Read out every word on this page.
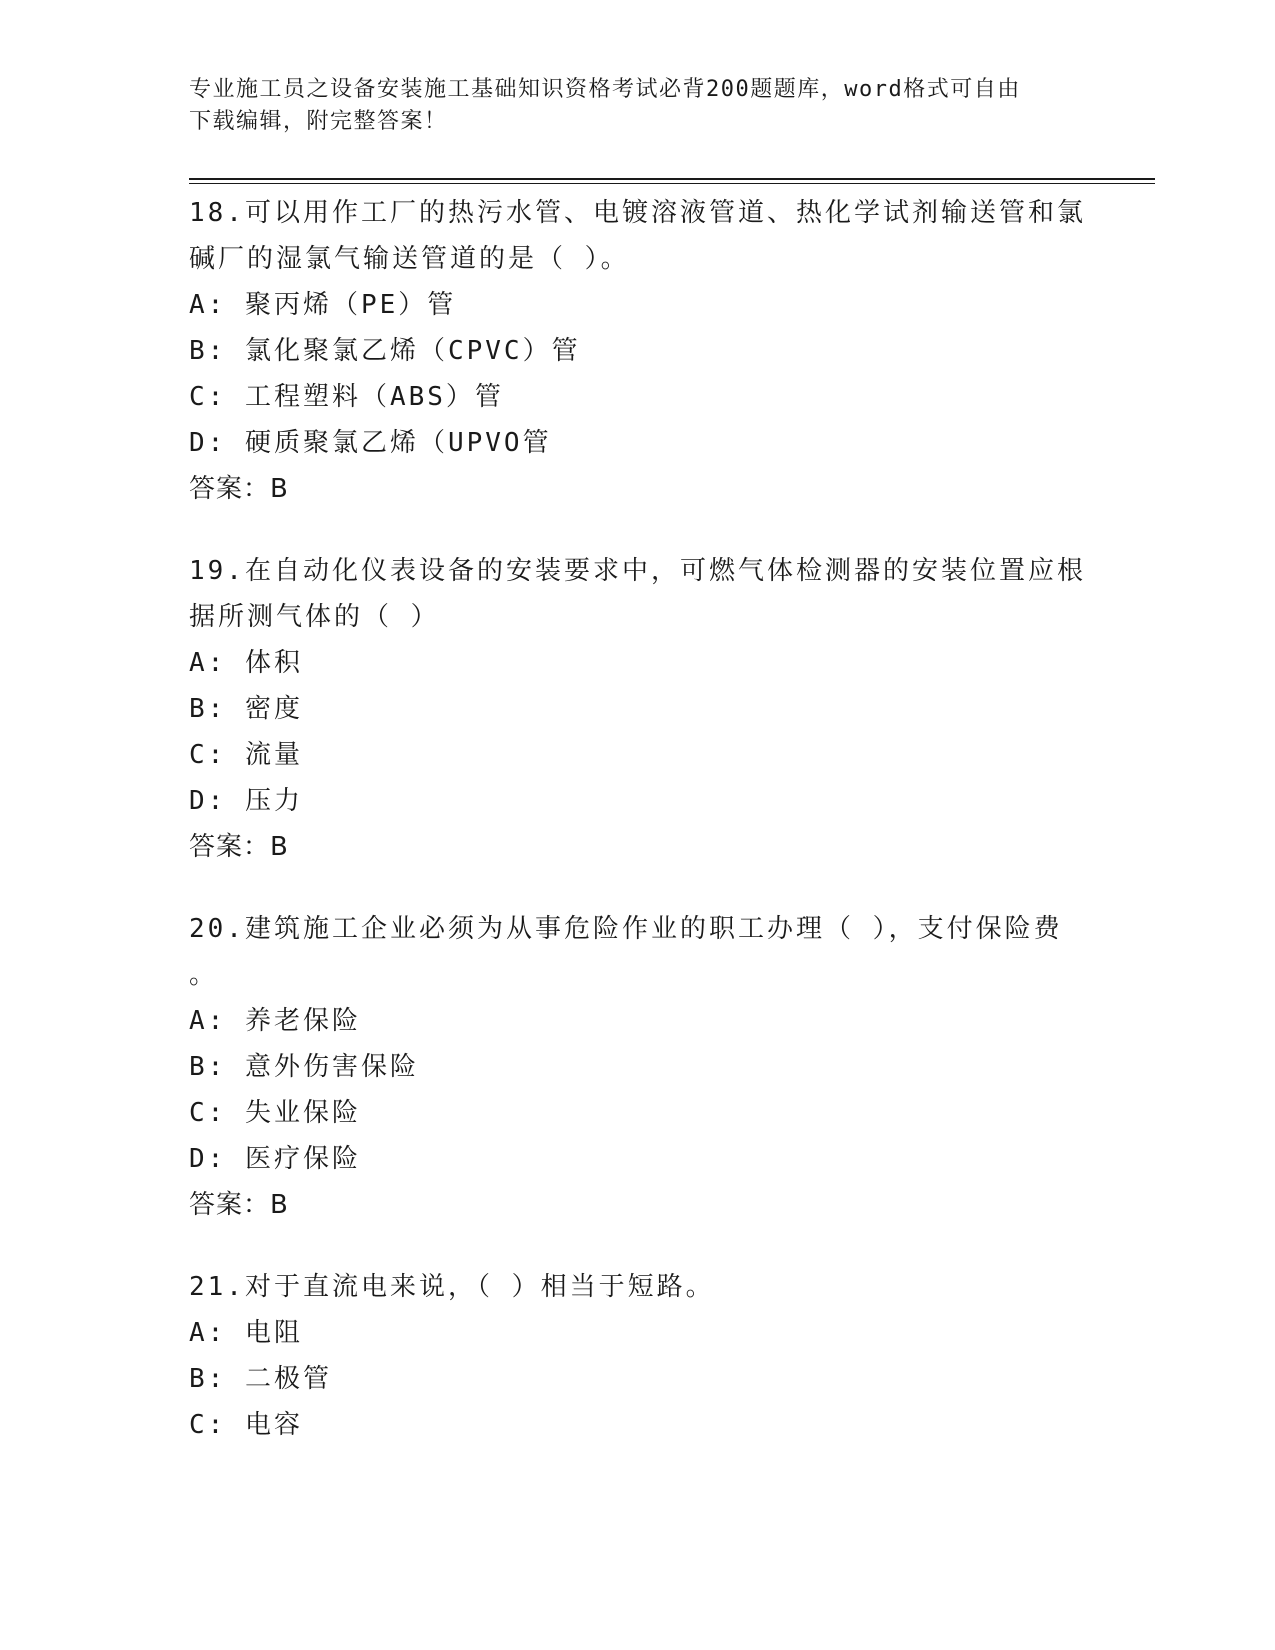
专业施工员之设备安装施工基础知识资格考试必背200题题库，word格式可自由
下载编辑，附完整答案！
18.可以用作工厂的热污水管、电镀溶液管道、热化学试剂输送管和氯
碱厂的湿氯气输送管道的是（ ）。
A: 聚丙烯（PE）管
B: 氯化聚氯乙烯（CPVC）管
C: 工程塑料（ABS）管
D: 硬质聚氯乙烯（UPVO管
答案：B
19.在自动化仪表设备的安装要求中，可燃气体检测器的安装位置应根
据所测气体的（ ）
A: 体积
B: 密度
C: 流量
D: 压力
答案：B
20.建筑施工企业必须为从事危险作业的职工办理（ ），支付保险费
。
A: 养老保险
B: 意外伤害保险
C: 失业保险
D: 医疗保险
答案：B
21.对于直流电来说，（ ）相当于短路。
A: 电阻
B: 二极管
C: 电容
